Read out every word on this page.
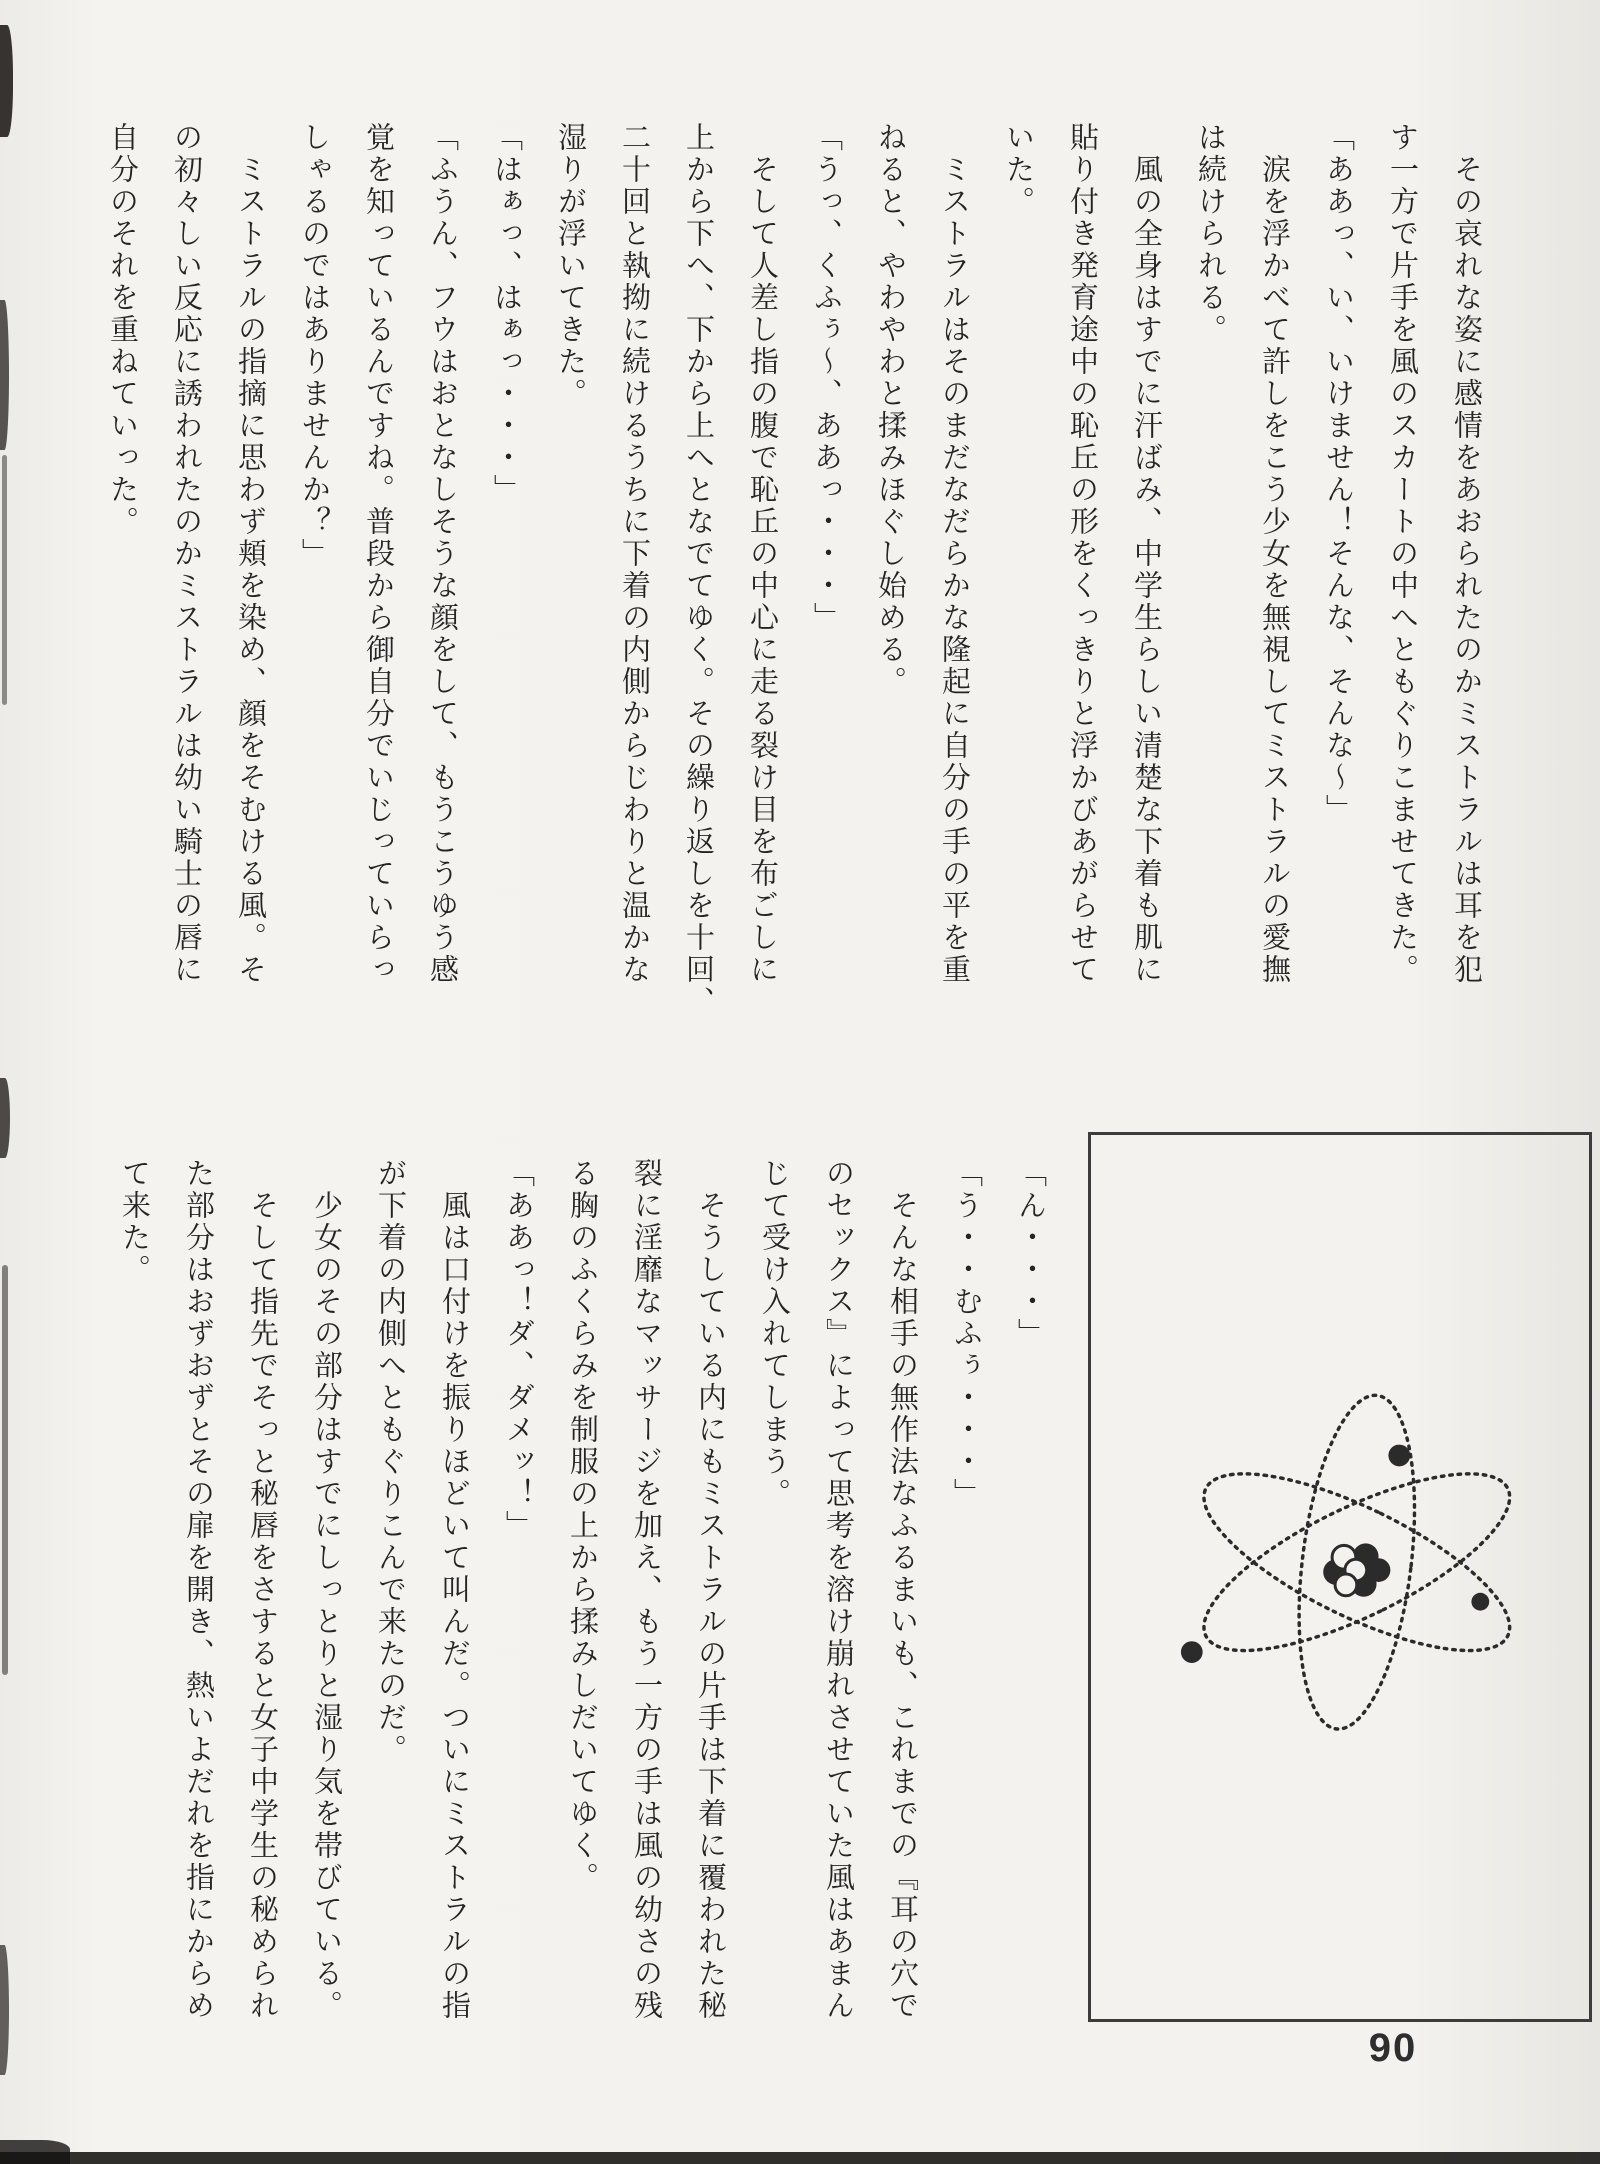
その哀れな姿に感情をあおられたのかミストラルは耳を犯

す一方で片手を風のスカートの中へともぐりこませてきた。

「ああっ、い、いけません！そんな、そんな〜」

涙を浮かべて許しをこう少女を無視してミストラルの愛撫

は続けられる。

風の全身はすでに汗ばみ、中学生らしい清楚な下着も肌に

貼り付き発育途中の恥丘の形をくっきりと浮かびあがらせて

いた。

ミストラルはそのまだなだらかな隆起に自分の手の平を重

ねると、やわやわと揉みほぐし始める。

「うっ、くふぅ〜、ああっ・・・」

そして人差し指の腹で恥丘の中心に走る裂け目を布ごしに

上から下へ、下から上へとなでてゆく。その繰り返しを十回、

二十回と執拗に続けるうちに下着の内側からじわりと温かな

湿りが浮いてきた。

「はぁっ、はぁっ・・・」

「ふうん、フウはおとなしそうな顔をして、もうこうゆう感

覚を知っているんですね。普段から御自分でいじっていらっ

しゃるのではありませんか？」

ミストラルの指摘に思わず頬を染め、顔をそむける風。そ

の初々しい反応に誘われたのかミストラルは幼い騎士の唇に

自分のそれを重ねていった。

「ん・・・」

「う・・むふぅ・・・」

そんな相手の無作法なふるまいも、これまでの『耳の穴で

のセックス』によって思考を溶け崩れさせていた風はあまん

じて受け入れてしまう。

そうしている内にもミストラルの片手は下着に覆われた秘

裂に淫靡なマッサージを加え、もう一方の手は風の幼さの残

る胸のふくらみを制服の上から揉みしだいてゆく。

「ああっ！ダ、ダメッ！」

風は口付けを振りほどいて叫んだ。ついにミストラルの指

が下着の内側へともぐりこんで来たのだ。

少女のその部分はすでにしっとりと湿り気を帯びている。

そして指先でそっと秘唇をさすると女子中学生の秘められ

た部分はおずおずとその扉を開き、熱いよだれを指にからめ

て来た。

90
